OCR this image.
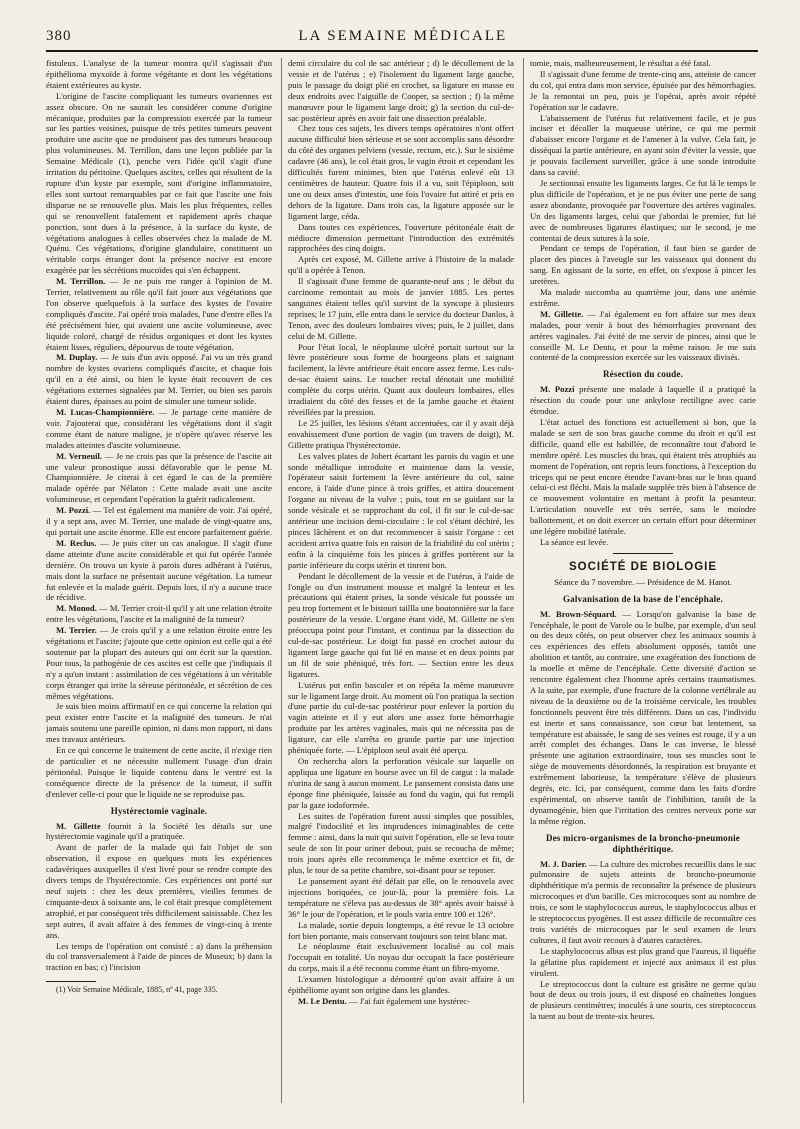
380	LA SEMAINE MÉDICALE

fistuleux. L'analyse de la tumeur montra qu'il s'agissait d'un épithélioma myxoïde à forme végétante et dont les végétations étaient extérieures au kyste.

L'origine de l'ascite compliquant les tumeurs ovariennes est assez obscure. On ne saurait les considérer comme d'origine mécanique, produites par la compression exercée par la tumeur sur les parties voisines, puisque de très petites tumeurs peuvent produire une ascite que ne produisent pas des tumeurs beaucoup plus volumineuses. M. Terrillon, dans une leçon publiée par la Semaine Médicale (1), penche vers l'idée qu'il s'agit d'une irritation du péritoine. Quelques ascites, celles qui résultent de la rupture d'un kyste par exemple, sont d'origine inflammatoire, elles sont surtout remarquables par ce fait que l'ascite une fois disparue ne se renouvelle plus. Mais les plus fréquentes, celles qui se renouvellent fatalement et rapidement après chaque ponction, sont dues à la présence, à la surface du kyste, de végétations analogues à celles observées chez la malade de M. Quénu. Ces végétations, d'origine glandulaire, constituent un véritable corps étranger dont la présence nocive est encore exagérée par les sécrétions mucoïdes qui s'en échappent.

M. Terrillon. — Je ne puis me ranger à l'opinion de M. Terrier, relativement au rôle qu'il fait jouer aux végétations que l'on observe quelquefois à la surface des kystes de l'ovaire compliqués d'ascite. J'ai opéré trois malades, l'une d'entre elles l'a été précisément hier, qui avaient une ascite volumineuse, avec liquide coloré, chargé de résidus organiques et dont les kystes étaient lisses, réguliers, dépourvus de toute végétation.

M. Duplay. — Je suis d'un avis opposé. J'ai vu un très grand nombre de kystes ovariens compliqués d'ascite, et chaque fois qu'il en a été ainsi, ou bien le kyste était recouvert de ces végétations externes signalées par M. Terrier, ou bien ses parois étaient dures, épaisses au point de simuler une tumeur solide.

M. Lucas-Championnière. — Je partage cette manière de voir. J'ajouterai que, considérant les végétations dont il s'agit comme étant de nature maligne, je n'opère qu'avec réserve les malades atteintes d'ascite volumineuse.

M. Verneuil. — Je ne crois pas que la présence de l'ascite ait une valeur pronostique aussi défavorable que le pense M. Championnière. Je citerai à cet égard le cas de la première malade opérée par Nélaton : Cette malade avait une ascite volumineuse, et cependant l'opération la guérit radicalement.

M. Pozzi. — Tel est également ma manière de voir. J'ai opéré, il y a sept ans, avec M. Terrier, une malade de vingt-quatre ans, qui portait une ascite énorme. Elle est encore parfaitement guérie.

M. Reclus. — Je puis citer un cas analogue. Il s'agit d'une dame atteinte d'une ascite considérable et qui fut opérée l'année dernière. On trouva un kyste à parois dures adhérant à l'utérus, mais dont la surface ne présentait aucune végétation. La tumeur fut enlevée et la malade guérit. Depuis lors, il n'y a aucune trace de récidive.

M. Monod. — M. Terrier croit-il qu'il y ait une relation étroite entre les végétations, l'ascite et la malignité de la tumeur?

M. Terrier. — Je crois qu'il y a une relation étroite entre les végétations et l'ascite; j'ajoute que cette opinion est celle qui a été soutenue par la plupart des auteurs qui ont écrit sur la question. Pour tous, la pathogénie de ces ascites est celle que j'indiquais il n'y a qu'un instant : assimilation de ces végétations à un véritable corps étranger qui irrite la séreuse péritonéale, et sécrétion de ces mêmes végétations.

Je suis bien moins affirmatif en ce qui concerne la relation qui peut exister entre l'ascite et la malignité des tumeurs. Je n'ai jamais soutenu une pareille opinion, ni dans mon rapport, ni dans mes travaux antérieurs.

En ce qui concerne le traitement de cette ascite, il n'exige rien de particulier et ne nécessite nullement l'usage d'un drain péritonéal. Puisque le liquide contenu dans le ventre est la conséquence directe de la présence de la tumeur, il suffit d'enlever celle-ci pour que le liquide ne se reproduise pas.

Hystérectomie vaginale.

M. Gillette fournit à la Société les détails sur une hystérectomie vaginale qu'il a pratiquée.

Avant de parler de la malade qui fait l'objet de son observation, il expose en quelques mots les expériences cadavériques auxquelles il s'est livré pour se rendre compte des divers temps de l'hystérectomie. Ces expériences ont porté sur neuf sujets : chez les deux premières, vieilles femmes de cinquante-deux à soixante ans, le col était presque complètement atrophié, et par conséquent très difficilement saisissable. Chez les sept autres, il avait affaire à des femmes de vingt-cinq à trente ans.

Les temps de l'opération ont consisté : a) dans la préhension du col transversalement à l'aide de pinces de Museux; b) dans la traction en bas; c) l'incision

(1) Voir Semaine Médicale, 1885, nº 41, page 335.

demi circulaire du col de sac antérieur ; d) le décollement de la vessie et de l'utérus ; e) l'isolement du ligament large gauche, puis le passage du doigt plié en crochet, sa ligature en masse en deux endroits avec l'aiguille de Cooper, sa section ; f) la même manœuvre pour le ligament large droit; g) la section du cul-de-sac postérieur après en avoir fait une dissection préalable.

Chez tous ces sujets, les divers temps opératoires n'ont offert aucune difficulté bien sérieuse et se sont accomplis sans désordre du côté des organes pelviens (vessie, rectum, etc.). Sur le sixième cadavre (46 ans), le col était gros, le vagin étroit et cependant les difficultés furent minimes, bien que l'utérus enlevé eût 13 centimètres de hauteur. Quatre fois il a vu, soit l'épiploon, soit une ou deux anses d'intestin, une fois l'ovaire fut attiré et pris en dehors de la ligature. Dans trois cas, la ligature apposée sur le ligament large, céda.

Dans toutes ces expériences, l'ouverture péritonéale était de médiocre dimension permettant l'introduction des extrémités rapprochées des cinq doigts.

Après cet exposé, M. Gillette arrive à l'histoire de la malade qu'il a opérée à Tenon.

Il s'agissait d'une femme de quarante-neuf ans ; le début du carcinome remontait au mois de janvier 1885. Les pertes sanguines étaient telles qu'il survint de la syncope à plusieurs reprises; le 17 juin, elle entra dans le service du docteur Danlos, à Tenon, avec des douleurs lombaires vives; puis, le 2 juillet, dans celui de M. Gillette.

Pour l'état local, le néoplasme ulcéré portait surtout sur la lèvre postérieure sous forme de bourgeons plats et saignant facilement, la lèvre antérieure était encore assez ferme. Les culs-de-sac étaient sains. Le toucher rectal dénotait une mobilité complète du corps utérin. Quant aux douleurs lombaires, elles irradiaient du côté des fesses et de la jambe gauche et étaient réveillées par la pression.

Le 25 juillet, les lésions s'étant accentuées, car il y avait déjà envahissement d'une portion de vagin (un travers de doigt), M. Gillette pratiqua l'hystérectomie.

Les valves plates de Jobert écartant les parois du vagin et une sonde métallique introduite et maintenue dans la vessie, l'opérateur saisit fortement la lèvre antérieure du col, saine encore, à l'aide d'une pince à trois griffes, et attira doucement l'organe au niveau de la vulve ; puis, tout en se guidant sur la sonde vésicale et se rapprochant du col, il fit sur le cul-de-sac antérieur une incision demi-circulaire : le col s'étant déchiré, les pinces lâchèrent et on dut recommencer à saisir l'organe : cet accident arriva quatre fois en raison de la friabilité du col utérin ; enfin à la cinquième fois les pinces à griffes portèrent sur la partie inférieure du corps utérin et tinrent bon.

Pendant le décollement de la vessie et de l'utérus, à l'aide de l'ongle ou d'un instrument mousse et malgré la lenteur et les précautions qui étaient prises, la sonde vésicale fut poussée un peu trop fortement et le bistouri taillla une boutonnière sur la face postérieure de la vessie. L'organe étant vidé, M. Gillette ne s'en préoccupa point pour l'instant, et continua par la dissection du cul-de-sac postérieur. Le doigt fut passé en crochet autour du ligament large gauche qui fut lié en masse et en deux points par un fil de soie phéniqué, très fort. — Section entre les deux ligatures.

L'utérus put enfin basculer et on répéta la même manœuvre sur le ligament large droit. Au moment où l'on pratiqua la section d'une partie du cul-de-sac postérieur pour enlever la portion du vagin atteinte et il y eut alors une assez forte hémorrhagie produite par les artères vaginales, mais qui ne nécessita pas de ligature, car elle s'arrêta en grande partie par une injection phéniquée forte. — L'épiploon seul avait été aperçu.

On rechercha alors la perforation vésicale sur laquelle on appliqua une ligature en bourse avec un fil de catgut : la malade n'urina de sang à aucun moment. Le pansement consista dans une éponge fine phéniquée, laissée au fond du vagin, qui fut rempli par la gaze iodoformée.

Les suites de l'opération furent aussi simples que possibles, malgré l'indocilité et les imprudences inimaginables de cette femme : ainsi, dans la nuit qui suivit l'opération, elle se leva toute seule de son lit pour uriner debout, puis se recoucha de même; trois jours après elle recommença le même exercice et fit, de plus, le tour de sa petite chambre, soi-disant pour se reposer.

Le pansement ayant été défait par elle, on le renouvela avec injections boriquées, ce jour-là, pour la première fois. La température ne s'éleva pas au-dessus de 38° après avoir baissé à 36° le jour de l'opération, et le pouls varia entre 100 et 126°.

La malade, sortie depuis longtemps, a été revue le 13 octobre fort bien portante, mais conservant toujours son teint blanc mat.

Le néoplasme était exclusivement localisé au col mais l'occupait en totalité. Un noyau dur occupait la face postérieure du corps, mais il a été reconnu comme étant un fibro-myome.

L'examen histologique a démontré qu'on avait affaire à un épithéliome ayant son origine dans les glandes.

M. Le Dentu. — J'ai fait également une hystérec-

tomie, mais, malheureusement, le résultat a été fatal.

Il s'agissait d'une femme de trente-cinq ans, atteinte de cancer du col, qui entra dans mon service, épuisée par des hémorrhagies. Je la remontai un peu, puis je l'opérai, après avoir répété l'opération sur le cadavre.

L'abaissement de l'utérus fut relativement facile, et je pus inciser et décoller la muqueuse utérine, ce qui me permit d'abaisser encore l'organe et de l'amener à la vulve. Cela fait, je disséquai la partie antérieure, en ayant soin d'éviter la vessie, que je pouvais facilement surveiller, grâce à une sonde introduite dans sa cavité.

Je sectionnai ensuite les ligaments larges. Ce fut là le temps le plus difficile de l'opération, et je ne pus éviter une perte de sang assez abondante, provoquée par l'ouverture des artères vaginales. Un des ligaments larges, celui que j'abordai le premier, fut lié avec de nombreuses ligatures élastiques; sur le second, je me contentai de deux sutures à la soie.

Pendant ce temps de l'opération, il faut bien se garder de placer des pinces à l'aveugle sur les vaisseaux qui donnent du sang. En agissant de la sorte, en effet, on s'expose à pincer les uretères.

Ma malade succomba au quatrième jour, dans une anémie extrême.

M. Gillette. — J'ai également eu fort affaire sur mes deux malades, pour venir à bout des hémorrhagies provenant des artères vaginales. J'ai évité de me servir de pinces, ainsi que le conseille M. Le Dentu, et pour la même raison. Je me suis contenté de la compression exercée sur les vaisseaux divisés.

Résection du coude.

M. Pozzi présente une malade à laquelle il a pratiqué la résection du coude pour une ankylose rectiligne avec carie étendue.

L'état actuel des fonctions est actuellement si bon, que la malade se sert de son bras gauche comme du droit et qu'il est difficile, quand elle est habillée, de reconnaître tout d'abord le membre opéré. Les muscles du bras, qui étaient très atrophiés au moment de l'opération, ont repris leurs fonctions, à l'exception du triceps qui ne peut encore étendre l'avant-bras sur le bras quand celui-ci est fléchi. Mais la malade supplée très bien à l'absence de ce mouvement volontaire en mettant à profit la pesanteur. L'articulation nouvelle est très serrée, sans le moindre ballottement, et on doit exercer un certain effort pour déterminer une légère mobilité latérale.

La séance est levée.

SOCIÉTÉ DE BIOLOGIE
Séance du 7 novembre. — Présidence de M. Hanot.
Galvanisation de la base de l'encéphale.

M. Brown-Séquard. — Lorsqu'on galvanise la base de l'encéphale, le pont de Varole ou le bulbe, par exemple, d'un seul ou des deux côtés, on peut observer chez les animaux soumis à ces expériences des effets absolument opposés, tantôt une abolition et tantôt, au contraire, une exagération des fonctions de la moelle et même de l'encéphale. Cette diversité d'action se rencontre également chez l'homme après certains traumatismes. A la suite, par exemple, d'une fracture de la colonne vertébrale au niveau de la deuxième ou de la troisième cervicale, les troubles fonctionnels peuvent être très différents. Dans un cas, l'individu est inerte et sans connaissance, son cœur bat lentement, sa température est abaissée, le sang de ses veines est rouge, il y a un arrêt complet des échanges. Dans le cas inverse, le blessé présente une agitation extraordinaire, tous ses muscles sont le siège de mouvements désordonnés, la respiration est bruyante et extrêmement laborieuse, la température s'élève de plusieurs degrés, etc. Ici, par conséquent, comme dans les faits d'ordre expérimental, on observe tantôt de l'inhibition, tantôt de la dynamogénie, bien que l'irritation des centres nerveux porte sur la même région.

Des micro-organismes de la broncho-pneumonie diphthéritique.

M. J. Darier. — La culture des microbes recueillis dans le suc pulmonaire de sujets atteints de broncho-pneumonie diphthéritique m'a permis de reconnaître la présence de plusieurs microcoques et d'un bacille. Ces microcoques sont au nombre de trois, ce sont le staphylococcus aureus, le staphylococcus albus et le streptococcus pyogènes. Il est assez difficile de reconnaître ces trois variétés de microcoques par le seul examen de leurs cultures, il faut avoir recours à d'autres caractères.

Le staphylococcus albus est plus grand que l'aureus, il liquéfie la gélatine plus rapidement et injecté aux animaux il est plus virulent.

Le streptococcus dont la culture est grisâtre ne germe qu'au bout de deux ou trois jours, il est disposé en chaînettes longues de plusieurs centimètres; inoculés à une souris, ces streptococcus la tuent au bout de trente-six heures.
